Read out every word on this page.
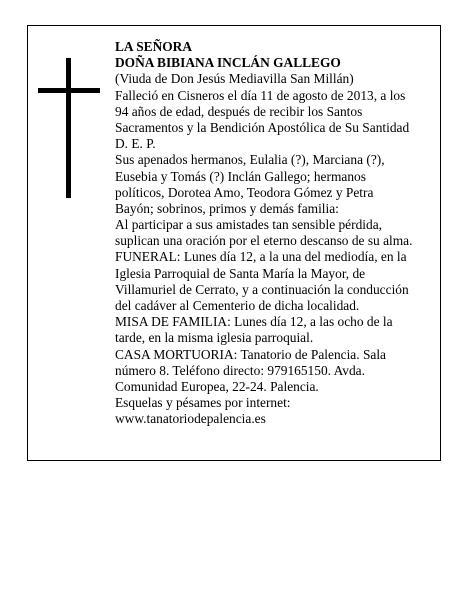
LA SEÑORA
DOÑA BIBIANA INCLÁN GALLEGO
(Viuda de Don Jesús Mediavilla San Millán)
Falleció en Cisneros el día 11 de agosto de 2013, a los
94 años de edad, después de recibir los Santos
Sacramentos y la Bendición Apostólica de Su Santidad
D. E. P.
Sus apenados hermanos, Eulalia (?), Marciana (?),
Eusebia y Tomás (?) Inclán Gallego; hermanos
políticos, Dorotea Amo, Teodora Gómez y Petra
Bayón; sobrinos, primos y demás familia:
Al participar a sus amistades tan sensible pérdida,
suplican una oración por el eterno descanso de su alma.
FUNERAL: Lunes día 12, a la una del mediodía, en la
Iglesia Parroquial de Santa María la Mayor, de
Villamuriel de Cerrato, y a continuación la conducción
del cadáver al Cementerio de dicha localidad.
MISA DE FAMILIA: Lunes día 12, a las ocho de la
tarde, en la misma iglesia parroquial.
CASA MORTUORIA: Tanatorio de Palencia. Sala
número 8. Teléfono directo: 979165150. Avda.
Comunidad Europea, 22-24. Palencia.
Esquelas y pésames por internet:
www.tanatoriodepalencia.es
